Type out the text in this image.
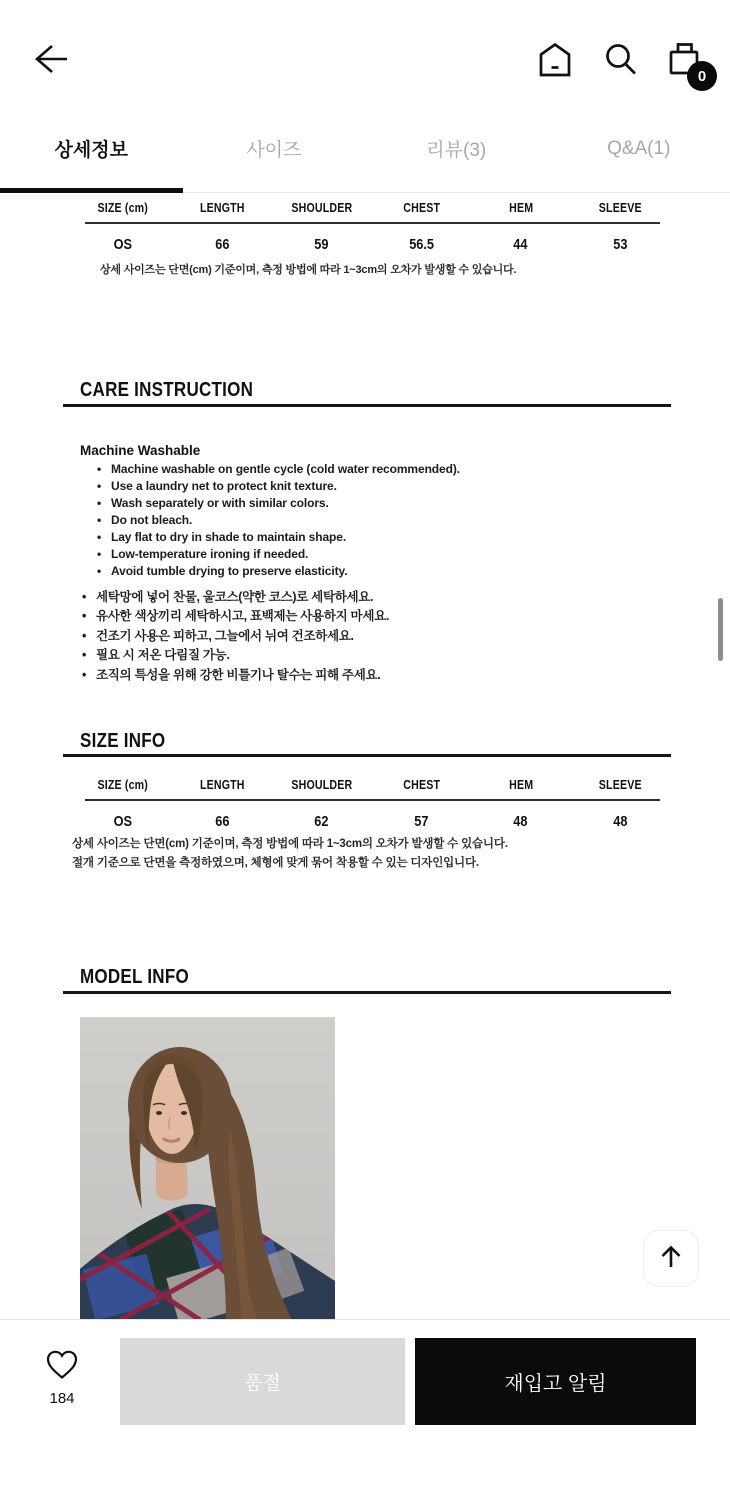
0
상세정보	사이즈	리뷰(3)	Q&A(1)
SIZE (cm)	LENGTH	SHOULDER	CHEST	HEM	SLEEVE
OS	66	59	56.5	44	53
상세 사이즈는 단면(cm) 기준이며, 측정 방법에 따라 1~3cm의 오차가 발생할 수 있습니다.
CARE INSTRUCTION
Machine Washable
• Machine washable on gentle cycle (cold water recommended).
• Use a laundry net to protect knit texture.
• Wash separately or with similar colors.
• Do not bleach.
• Lay flat to dry in shade to maintain shape.
• Low-temperature ironing if needed.
• Avoid tumble drying to preserve elasticity.
• 세탁망에 넣어 찬물, 울코스(약한 코스)로 세탁하세요.
• 유사한 색상끼리 세탁하시고, 표백제는 사용하지 마세요.
• 건조기 사용은 피하고, 그늘에서 뉘여 건조하세요.
• 필요 시 저온 다림질 가능.
• 조직의 특성을 위해 강한 비틀기나 탈수는 피해 주세요.
SIZE INFO
SIZE (cm)	LENGTH	SHOULDER	CHEST	HEM	SLEEVE
OS	66	62	57	48	48
상세 사이즈는 단면(cm) 기준이며, 측정 방법에 따라 1~3cm의 오차가 발생할 수 있습니다.
절개 기준으로 단면을 측정하였으며, 체형에 맞게 묶어 착용할 수 있는 디자인입니다.
MODEL INFO
184
품절	재입고 알림
